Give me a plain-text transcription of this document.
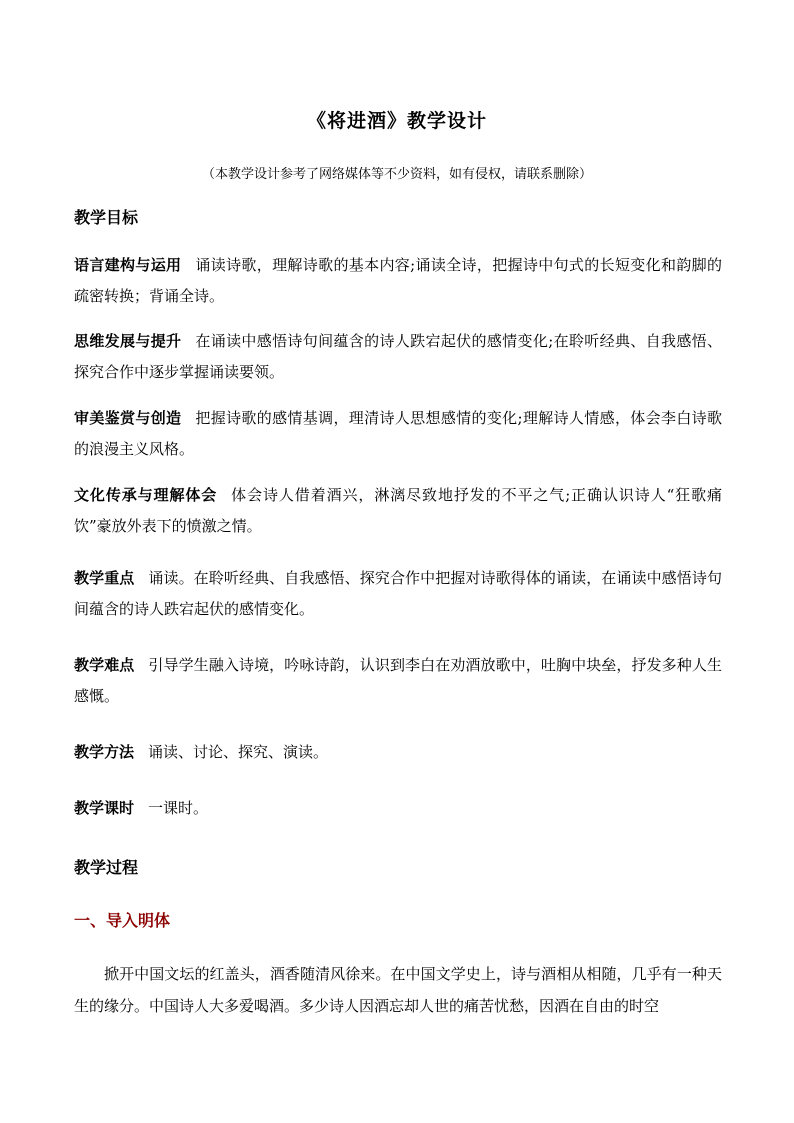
《将进酒》教学设计
（本教学设计参考了网络媒体等不少资料，如有侵权，请联系删除）
教学目标
语言建构与运用 诵读诗歌，理解诗歌的基本内容;诵读全诗，把握诗中句式的长短变化和韵脚的疏密转换；背诵全诗。
思维发展与提升 在诵读中感悟诗句间蕴含的诗人跌宕起伏的感情变化;在聆听经典、自我感悟、探究合作中逐步掌握诵读要领。
审美鉴赏与创造 把握诗歌的感情基调，理清诗人思想感情的变化;理解诗人情感，体会李白诗歌的浪漫主义风格。
文化传承与理解体会 体会诗人借着酒兴，淋漓尽致地抒发的不平之气;正确认识诗人“狂歌痛饮”豪放外表下的愤激之情。
教学重点 诵读。在聆听经典、自我感悟、探究合作中把握对诗歌得体的诵读，在诵读中感悟诗句间蕴含的诗人跌宕起伏的感情变化。
教学难点 引导学生融入诗境，吟咏诗韵，认识到李白在劝酒放歌中，吐胸中块垒，抒发多种人生感慨。
教学方法 诵读、讨论、探究、演读。
教学课时 一课时。
教学过程
一、导入明体
掀开中国文坛的红盖头，酒香随清风徐来。在中国文学史上，诗与酒相从相随，几乎有一种天生的缘分。中国诗人大多爱喝酒。多少诗人因酒忘却人世的痛苦忧愁，因酒在自由的时空
